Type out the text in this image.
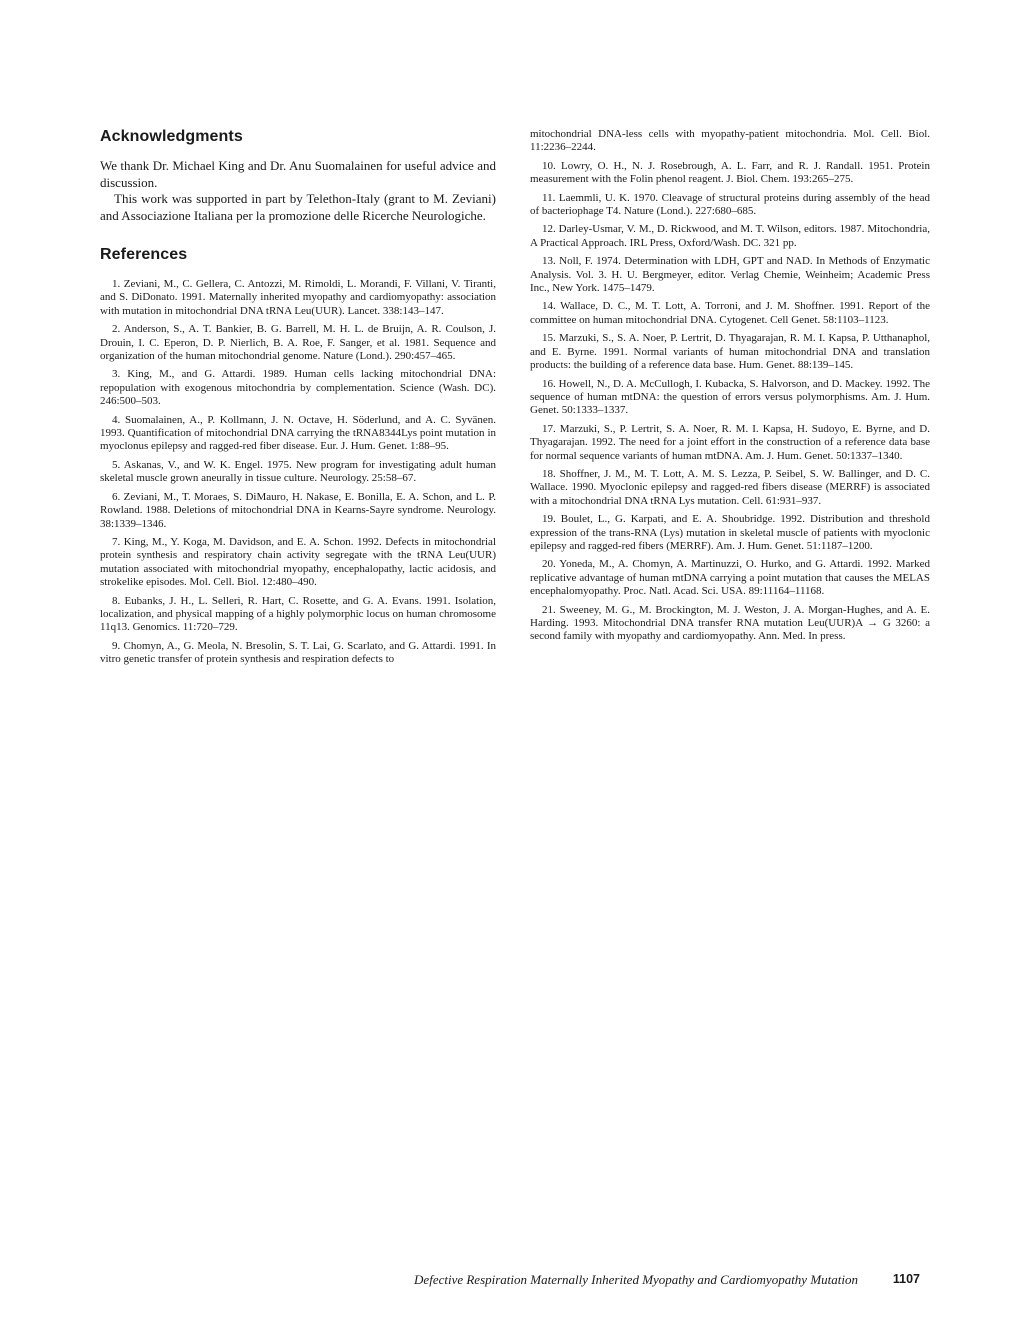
Acknowledgments

We thank Dr. Michael King and Dr. Anu Suomalainen for useful advice and discussion.

This work was supported in part by Telethon-Italy (grant to M. Zeviani) and Associazione Italiana per la promozione delle Ricerche Neurologiche.

References

1. Zeviani, M., C. Gellera, C. Antozzi, M. Rimoldi, L. Morandi, F. Villani, V. Tiranti, and S. DiDonato. 1991. Maternally inherited myopathy and cardiomyopathy: association with mutation in mitochondrial DNA tRNA Leu(UUR). Lancet. 338:143–147.

2. Anderson, S., A. T. Bankier, B. G. Barrell, M. H. L. de Bruijn, A. R. Coulson, J. Drouin, I. C. Eperon, D. P. Nierlich, B. A. Roe, F. Sanger, et al. 1981. Sequence and organization of the human mitochondrial genome. Nature (Lond.). 290:457–465.

3. King, M., and G. Attardi. 1989. Human cells lacking mitochondrial DNA: repopulation with exogenous mitochondria by complementation. Science (Wash. DC). 246:500–503.

4. Suomalainen, A., P. Kollmann, J. N. Octave, H. Söderlund, and A. C. Syvänen. 1993. Quantification of mitochondrial DNA carrying the tRNA8344Lys point mutation in myoclonus epilepsy and ragged-red fiber disease. Eur. J. Hum. Genet. 1:88–95.

5. Askanas, V., and W. K. Engel. 1975. New program for investigating adult human skeletal muscle grown aneurally in tissue culture. Neurology. 25:58–67.

6. Zeviani, M., T. Moraes, S. DiMauro, H. Nakase, E. Bonilla, E. A. Schon, and L. P. Rowland. 1988. Deletions of mitochondrial DNA in Kearns-Sayre syndrome. Neurology. 38:1339–1346.

7. King, M., Y. Koga, M. Davidson, and E. A. Schon. 1992. Defects in mitochondrial protein synthesis and respiratory chain activity segregate with the tRNA Leu(UUR) mutation associated with mitochondrial myopathy, encephalopathy, lactic acidosis, and strokelike episodes. Mol. Cell. Biol. 12:480–490.

8. Eubanks, J. H., L. Selleri, R. Hart, C. Rosette, and G. A. Evans. 1991. Isolation, localization, and physical mapping of a highly polymorphic locus on human chromosome 11q13. Genomics. 11:720–729.

9. Chomyn, A., G. Meola, N. Bresolin, S. T. Lai, G. Scarlato, and G. Attardi. 1991. In vitro genetic transfer of protein synthesis and respiration defects to

mitochondrial DNA-less cells with myopathy-patient mitochondria. Mol. Cell. Biol. 11:2236–2244.

10. Lowry, O. H., N. J. Rosebrough, A. L. Farr, and R. J. Randall. 1951. Protein measurement with the Folin phenol reagent. J. Biol. Chem. 193:265–275.

11. Laemmli, U. K. 1970. Cleavage of structural proteins during assembly of the head of bacteriophage T4. Nature (Lond.). 227:680–685.

12. Darley-Usmar, V. M., D. Rickwood, and M. T. Wilson, editors. 1987. Mitochondria, A Practical Approach. IRL Press, Oxford/Wash. DC. 321 pp.

13. Noll, F. 1974. Determination with LDH, GPT and NAD. In Methods of Enzymatic Analysis. Vol. 3. H. U. Bergmeyer, editor. Verlag Chemie, Weinheim; Academic Press Inc., New York. 1475–1479.

14. Wallace, D. C., M. T. Lott, A. Torroni, and J. M. Shoffner. 1991. Report of the committee on human mitochondrial DNA. Cytogenet. Cell Genet. 58:1103–1123.

15. Marzuki, S., S. A. Noer, P. Lertrit, D. Thyagarajan, R. M. I. Kapsa, P. Utthanaphol, and E. Byrne. 1991. Normal variants of human mitochondrial DNA and translation products: the building of a reference data base. Hum. Genet. 88:139–145.

16. Howell, N., D. A. McCullogh, I. Kubacka, S. Halvorson, and D. Mackey. 1992. The sequence of human mtDNA: the question of errors versus polymorphisms. Am. J. Hum. Genet. 50:1333–1337.

17. Marzuki, S., P. Lertrit, S. A. Noer, R. M. I. Kapsa, H. Sudoyo, E. Byrne, and D. Thyagarajan. 1992. The need for a joint effort in the construction of a reference data base for normal sequence variants of human mtDNA. Am. J. Hum. Genet. 50:1337–1340.

18. Shoffner, J. M., M. T. Lott, A. M. S. Lezza, P. Seibel, S. W. Ballinger, and D. C. Wallace. 1990. Myoclonic epilepsy and ragged-red fibers disease (MERRF) is associated with a mitochondrial DNA tRNA Lys mutation. Cell. 61:931–937.

19. Boulet, L., G. Karpati, and E. A. Shoubridge. 1992. Distribution and threshold expression of the trans-RNA (Lys) mutation in skeletal muscle of patients with myoclonic epilepsy and ragged-red fibers (MERRF). Am. J. Hum. Genet. 51:1187–1200.

20. Yoneda, M., A. Chomyn, A. Martinuzzi, O. Hurko, and G. Attardi. 1992. Marked replicative advantage of human mtDNA carrying a point mutation that causes the MELAS encephalomyopathy. Proc. Natl. Acad. Sci. USA. 89:11164–11168.

21. Sweeney, M. G., M. Brockington, M. J. Weston, J. A. Morgan-Hughes, and A. E. Harding. 1993. Mitochondrial DNA transfer RNA mutation Leu(UUR)A → G 3260: a second family with myopathy and cardiomyopathy. Ann. Med. In press.

Defective Respiration Maternally Inherited Myopathy and Cardiomyopathy Mutation	1107
